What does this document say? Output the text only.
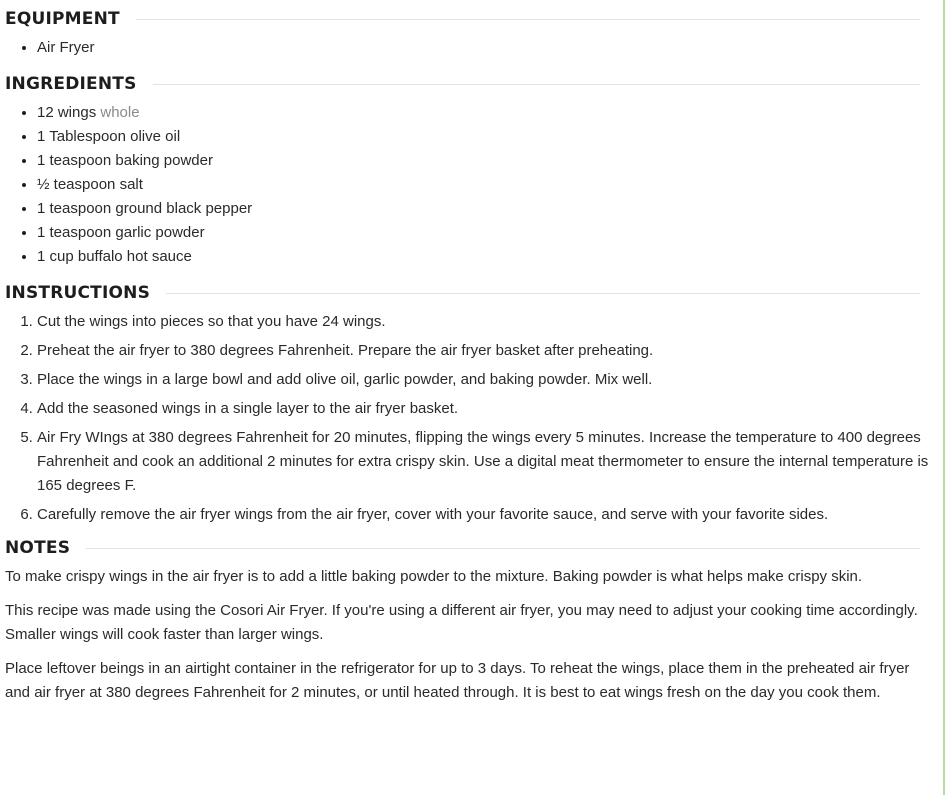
EQUIPMENT
• Air Fryer
INGREDIENTS
• 12 wings whole
• 1 Tablespoon olive oil
• 1 teaspoon baking powder
• ½ teaspoon salt
• 1 teaspoon ground black pepper
• 1 teaspoon garlic powder
• 1 cup buffalo hot sauce
INSTRUCTIONS
1. Cut the wings into pieces so that you have 24 wings.
2. Preheat the air fryer to 380 degrees Fahrenheit. Prepare the air fryer basket after preheating.
3. Place the wings in a large bowl and add olive oil, garlic powder, and baking powder. Mix well.
4. Add the seasoned wings in a single layer to the air fryer basket.
5. Air Fry WIngs at 380 degrees Fahrenheit for 20 minutes, flipping the wings every 5 minutes. Increase the temperature to 400 degrees Fahrenheit and cook an additional 2 minutes for extra crispy skin. Use a digital meat thermometer to ensure the internal temperature is 165 degrees F.
6. Carefully remove the air fryer wings from the air fryer, cover with your favorite sauce, and serve with your favorite sides.
NOTES

To make crispy wings in the air fryer is to add a little baking powder to the mixture. Baking powder is what helps make crispy skin.

This recipe was made using the Cosori Air Fryer. If you're using a different air fryer, you may need to adjust your cooking time accordingly. Smaller wings will cook faster than larger wings.

Place leftover beings in an airtight container in the refrigerator for up to 3 days. To reheat the wings, place them in the preheated air fryer and air fryer at 380 degrees Fahrenheit for 2 minutes, or until heated through. It is best to eat wings fresh on the day you cook them.
